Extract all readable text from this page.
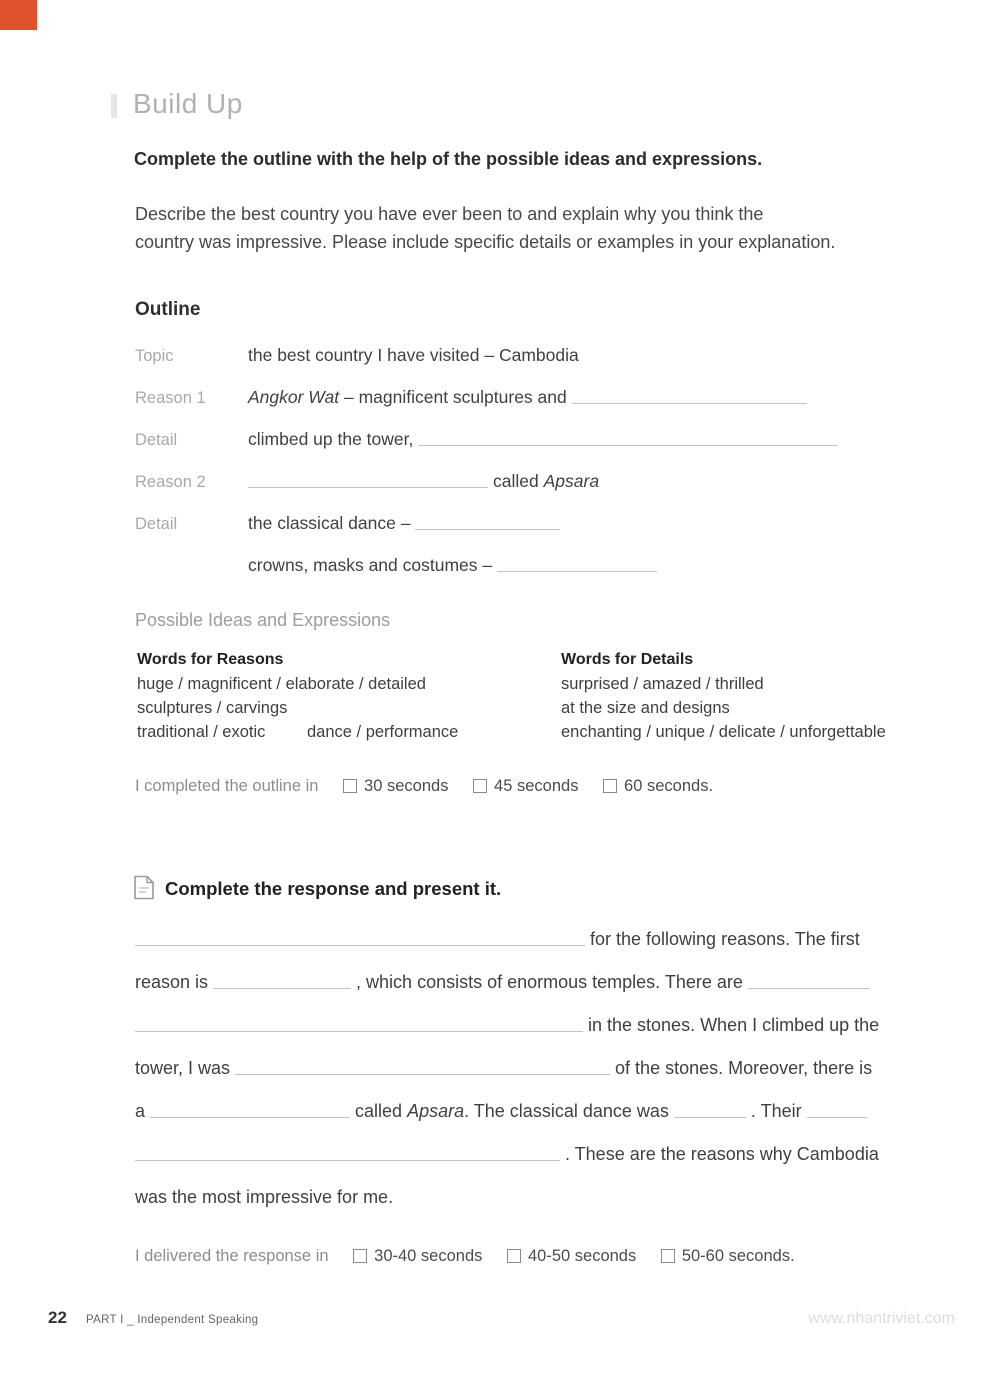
Build Up
Complete the outline with the help of the possible ideas and expressions.
Describe the best country you have ever been to and explain why you think the
country was impressive. Please include specific details or examples in your explanation.
Outline
Topic	the best country I have visited – Cambodia
Reason 1 Angkor Wat – magnificent sculptures and
Detail	climbed up the tower,
Reason 2	called Apsara
Detail	the classical dance –
crowns, masks and costumes –
Possible Ideas and Expressions
Words for Reasons
huge / magnificent / elaborate / detailed
sculptures / carvings
traditional / exotic	dance / performance
Words for Details
surprised / amazed / thrilled
at the size and designs
enchanting / unique / delicate / unforgettable
I completed the outline in	30 seconds	45 seconds	60 seconds.
Complete the response and present it.
for the following reasons. The first
reason is	, which consists of enormous temples. There are
in the stones. When I climbed up the
tower, I was	of the stones. Moreover, there is
a	called Apsara. The classical dance was	. Their
. These are the reasons why Cambodia
was the most impressive for me.
I delivered the response in	30-40 seconds	40-50 seconds	50-60 seconds.
22 PART I _ Independent Speaking	www.nhantriviet.com
